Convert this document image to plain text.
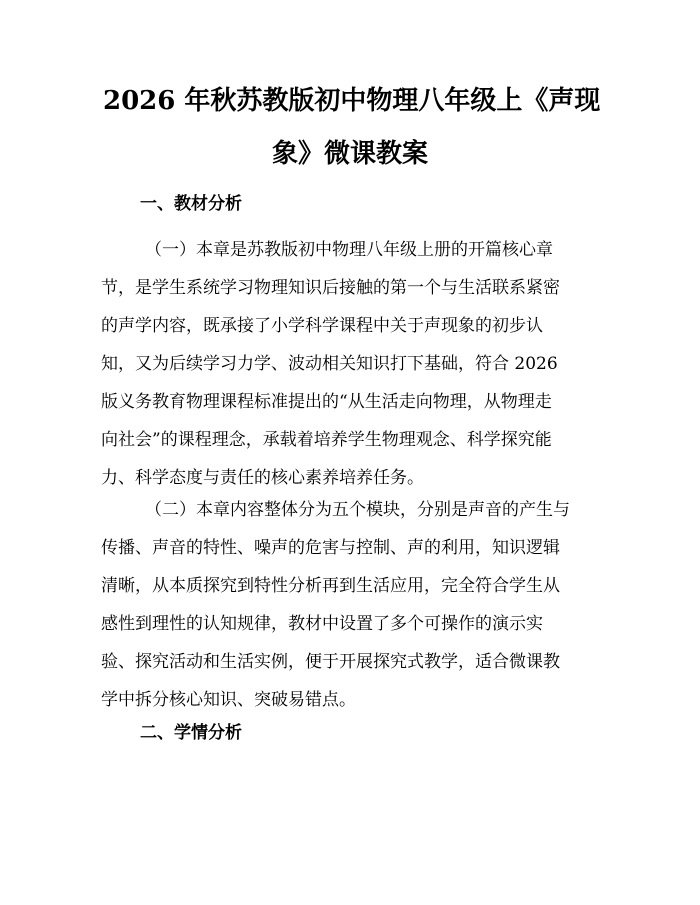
2026 年秋苏教版初中物理八年级上《声现
象》微课教案
一、教材分析
（一）本章是苏教版初中物理八年级上册的开篇核心章
节，是学生系统学习物理知识后接触的第一个与生活联系紧密
的声学内容，既承接了小学科学课程中关于声现象的初步认
知，又为后续学习力学、波动相关知识打下基础，符合 2026
版义务教育物理课程标准提出的“从生活走向物理，从物理走
向社会”的课程理念，承载着培养学生物理观念、科学探究能
力、科学态度与责任的核心素养培养任务。
（二）本章内容整体分为五个模块，分别是声音的产生与
传播、声音的特性、噪声的危害与控制、声的利用，知识逻辑
清晰，从本质探究到特性分析再到生活应用，完全符合学生从
感性到理性的认知规律，教材中设置了多个可操作的演示实
验、探究活动和生活实例，便于开展探究式教学，适合微课教
学中拆分核心知识、突破易错点。
二、学情分析
